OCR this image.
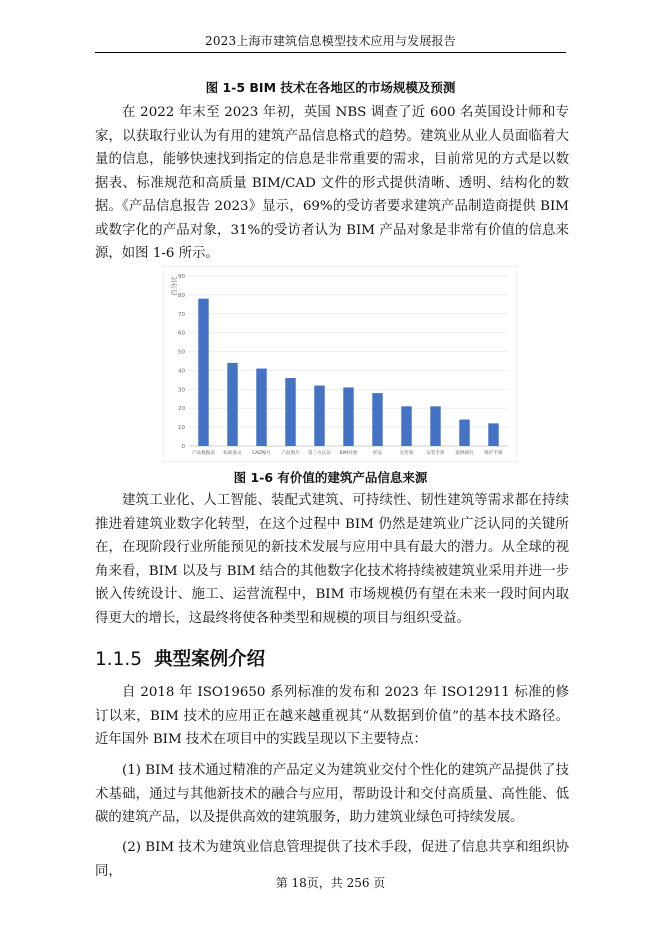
2023上海市建筑信息模型技术应用与发展报告
图 1-5 BIM 技术在各地区的市场规模及预测

在 2022 年末至 2023 年初，英国 NBS 调查了近 600 名英国设计师和专家，以获取行业认为有用的建筑产品信息格式的趋势。建筑业从业人员面临着大量的信息，能够快速找到指定的信息是非常重要的需求，目前常见的方式是以数据表、标准规范和高质量 BIM/CAD 文件的形式提供清晰、透明、结构化的数据。《产品信息报告 2023》显示，69%的受访者要求建筑产品制造商提供 BIM 或数字化的产品对象，31%的受访者认为 BIM 产品对象是非常有价值的信息来源，如图 1-6 所示。

0
10
20
30
40
50
60
70
80
90
产品数据表 标准条文 CAD编号 产品图片 第三方认证 BIM对象	样品	宣传册	安装手册 案例研究 维护手册
百分比
图 1-6 有价值的建筑产品信息来源

建筑工业化、人工智能、装配式建筑、可持续性、韧性建筑等需求都在持续推进着建筑业数字化转型，在这个过程中 BIM 仍然是建筑业广泛认同的关键所在，在现阶段行业所能预见的新技术发展与应用中具有最大的潜力。从全球的视角来看，BIM 以及与 BIM 结合的其他数字化技术将持续被建筑业采用并进一步嵌入传统设计、施工、运营流程中，BIM 市场规模仍有望在未来一段时间内取得更大的增长，这最终将使各种类型和规模的项目与组织受益。

1.1.5 典型案例介绍

自 2018 年 ISO19650 系列标准的发布和 2023 年 ISO12911 标准的修订以来，BIM 技术的应用正在越来越重视其“从数据到价值”的基本技术路径。近年国外 BIM 技术在项目中的实践呈现以下主要特点：

(1) BIM 技术通过精准的产品定义为建筑业交付个性化的建筑产品提供了技术基础，通过与其他新技术的融合与应用，帮助设计和交付高质量、高性能、低碳的建筑产品，以及提供高效的建筑服务，助力建筑业绿色可持续发展。

(2) BIM 技术为建筑业信息管理提供了技术手段，促进了信息共享和组织协同，

第 18页，共 256 页
